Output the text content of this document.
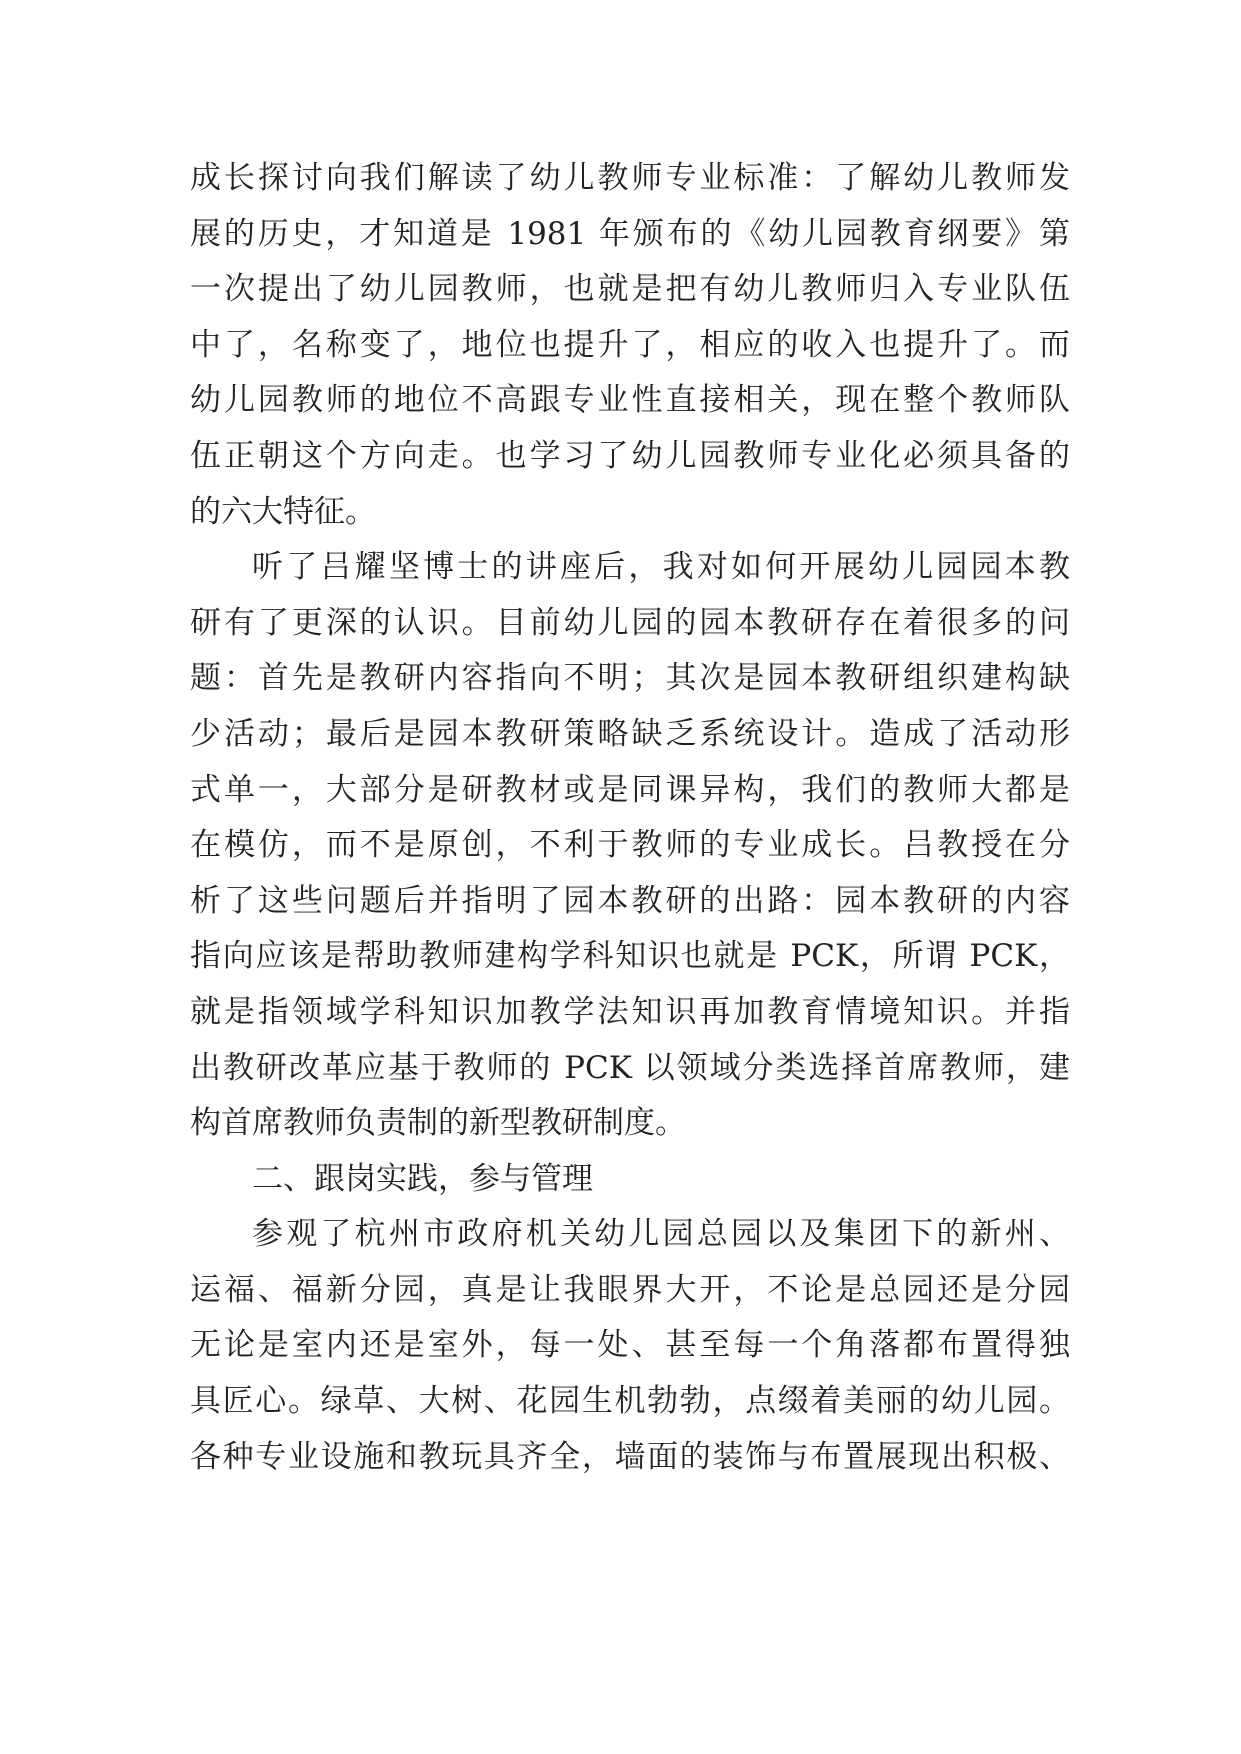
成长探讨向我们解读了幼儿教师专业标准：了解幼儿教师发
展的历史，才知道是 1981 年颁布的《幼儿园教育纲要》第
一次提出了幼儿园教师，也就是把有幼儿教师归入专业队伍
中了，名称变了，地位也提升了，相应的收入也提升了。而
幼儿园教师的地位不高跟专业性直接相关，现在整个教师队
伍正朝这个方向走。也学习了幼儿园教师专业化必须具备的
的六大特征。
听了吕耀坚博士的讲座后，我对如何开展幼儿园园本教
研有了更深的认识。目前幼儿园的园本教研存在着很多的问
题：首先是教研内容指向不明；其次是园本教研组织建构缺
少活动；最后是园本教研策略缺乏系统设计。造成了活动形
式单一，大部分是研教材或是同课异构，我们的教师大都是
在模仿，而不是原创，不利于教师的专业成长。吕教授在分
析了这些问题后并指明了园本教研的出路：园本教研的内容
指向应该是帮助教师建构学科知识也就是 PCK，所谓 PCK，
就是指领域学科知识加教学法知识再加教育情境知识。并指
出教研改革应基于教师的 PCK 以领域分类选择首席教师，建
构首席教师负责制的新型教研制度。
二、跟岗实践，参与管理
参观了杭州市政府机关幼儿园总园以及集团下的新州、
运福、福新分园，真是让我眼界大开，不论是总园还是分园
无论是室内还是室外，每一处、甚至每一个角落都布置得独
具匠心。绿草、大树、花园生机勃勃，点缀着美丽的幼儿园。
各种专业设施和教玩具齐全，墙面的装饰与布置展现出积极、
